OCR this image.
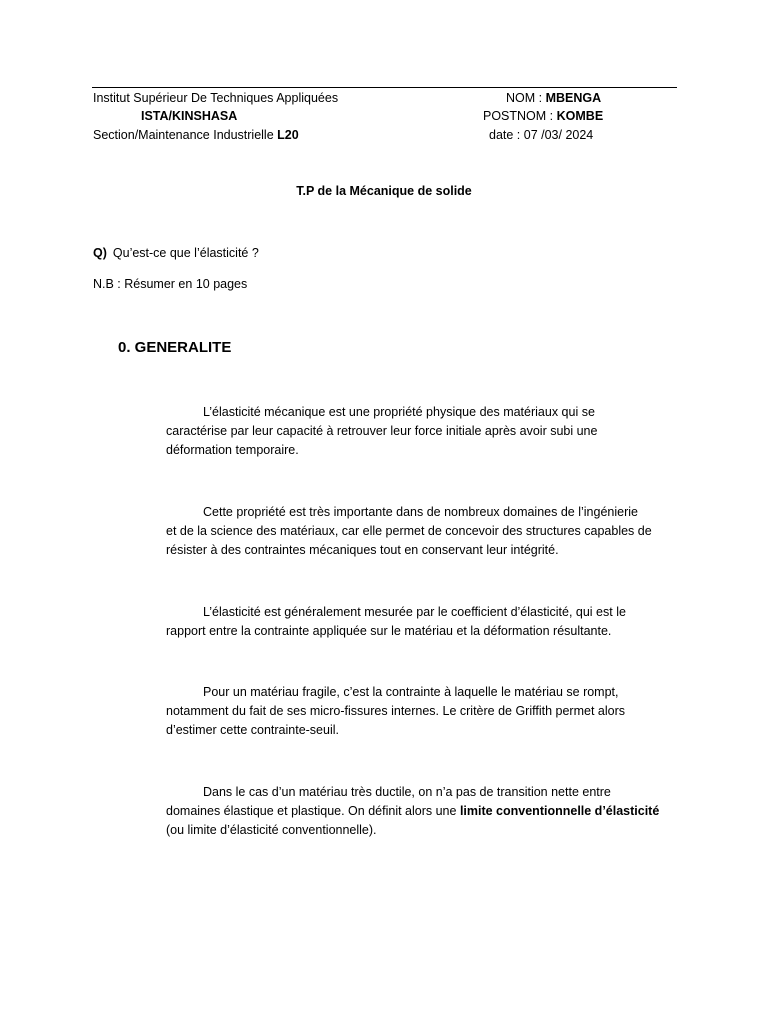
Institut Supérieur De Techniques Appliquées
ISTA/KINSHASA
Section/Maintenance Industrielle L20
NOM : MBENGA
POSTNOM : KOMBE
date : 07 /03/ 2024
T.P de la Mécanique de solide
Q) Qu’est-ce que l’élasticité ?
N.B : Résumer en 10 pages
0. GENERALITE
L’élasticité mécanique est une propriété physique des matériaux qui se
caractérise par leur capacité à retrouver leur force initiale après avoir subi une
déformation temporaire.
Cette propriété est très importante dans de nombreux domaines de l’ingénierie
et de la science des matériaux, car elle permet de concevoir des structures capables de
résister à des contraintes mécaniques tout en conservant leur intégrité.
L’élasticité est généralement mesurée par le coefficient d’élasticité, qui est le
rapport entre la contrainte appliquée sur le matériau et la déformation résultante.
Pour un matériau fragile, c’est la contrainte à laquelle le matériau se rompt,
notamment du fait de ses micro-fissures internes. Le critère de Griffith permet alors
d’estimer cette contrainte-seuil.
Dans le cas d’un matériau très ductile, on n’a pas de transition nette entre
domaines élastique et plastique. On définit alors une limite conventionnelle d’élasticité
(ou limite d’élasticité conventionnelle).
